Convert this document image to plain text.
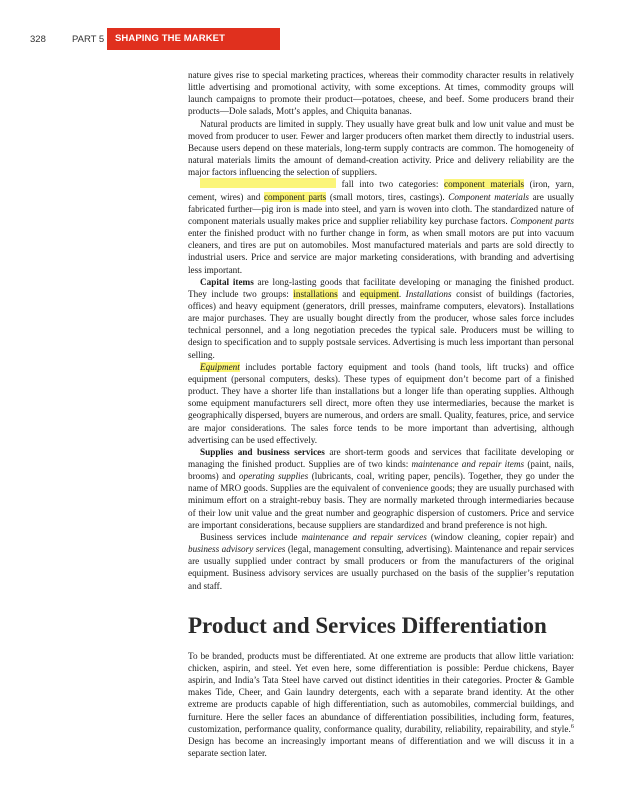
328	PART 5	SHAPING THE MARKET OFFERINGS

nature gives rise to special marketing practices, whereas their commodity character results in relatively little advertising and promotional activity, with some exceptions. At times, commodity groups will launch campaigns to promote their product—potatoes, cheese, and beef. Some producers brand their products—Dole salads, Mott’s apples, and Chiquita bananas.

Natural products are limited in supply. They usually have great bulk and low unit value and must be moved from producer to user. Fewer and larger producers often market them directly to industrial users. Because users depend on these materials, long-term supply contracts are common. The homogeneity of natural materials limits the amount of demand-creation activity. Price and delivery reliability are the major factors influencing the selection of suppliers.

fall into two categories: component materials (iron, yarn, cement, wires) and component parts (small motors, tires, castings). Component materials are usually fabricated further—pig iron is made into steel, and yarn is woven into cloth. The standardized nature of component materials usually makes price and supplier reliability key purchase factors. Component parts enter the finished product with no further change in form, as when small motors are put into vacuum cleaners, and tires are put on automobiles. Most manufactured materials and parts are sold directly to industrial users. Price and service are major marketing considerations, with branding and advertising less important.

Capital items are long-lasting goods that facilitate developing or managing the finished product. They include two groups: installations and equipment. Installations consist of buildings (factories, offices) and heavy equipment (generators, drill presses, mainframe computers, elevators). Installations are major purchases. They are usually bought directly from the producer, whose sales force includes technical personnel, and a long negotiation precedes the typical sale. Producers must be willing to design to specification and to supply postsale services. Advertising is much less important than personal selling.

Equipment includes portable factory equipment and tools (hand tools, lift trucks) and office equipment (personal computers, desks). These types of equipment don’t become part of a finished product. They have a shorter life than installations but a longer life than operating supplies. Although some equipment manufacturers sell direct, more often they use intermediaries, because the market is geographically dispersed, buyers are numerous, and orders are small. Quality, features, price, and service are major considerations. The sales force tends to be more important than advertising, although advertising can be used effectively.

Supplies and business services are short-term goods and services that facilitate developing or managing the finished product. Supplies are of two kinds: maintenance and repair items (paint, nails, brooms) and operating supplies (lubricants, coal, writing paper, pencils). Together, they go under the name of MRO goods. Supplies are the equivalent of convenience goods; they are usually purchased with minimum effort on a straight-rebuy basis. They are normally marketed through intermediaries because of their low unit value and the great number and geographic dispersion of customers. Price and service are important considerations, because suppliers are standardized and brand preference is not high.

Business services include maintenance and repair services (window cleaning, copier repair) and business advisory services (legal, management consulting, advertising). Maintenance and repair services are usually supplied under contract by small producers or from the manufacturers of the original equipment. Business advisory services are usually purchased on the basis of the supplier’s reputation and staff.

Product and Services Differentiation

To be branded, products must be differentiated. At one extreme are products that allow little variation: chicken, aspirin, and steel. Yet even here, some differentiation is possible: Perdue chickens, Bayer aspirin, and India’s Tata Steel have carved out distinct identities in their categories. Procter & Gamble makes Tide, Cheer, and Gain laundry detergents, each with a separate brand identity. At the other extreme are products capable of high differentiation, such as automobiles, commercial buildings, and furniture. Here the seller faces an abundance of differentiation possibilities, including form, features, customization, performance quality, conformance quality, durability, reliability, repairability, and style.$^6$ Design has become an increasingly important means of differentiation and we will discuss it in a separate section later.
